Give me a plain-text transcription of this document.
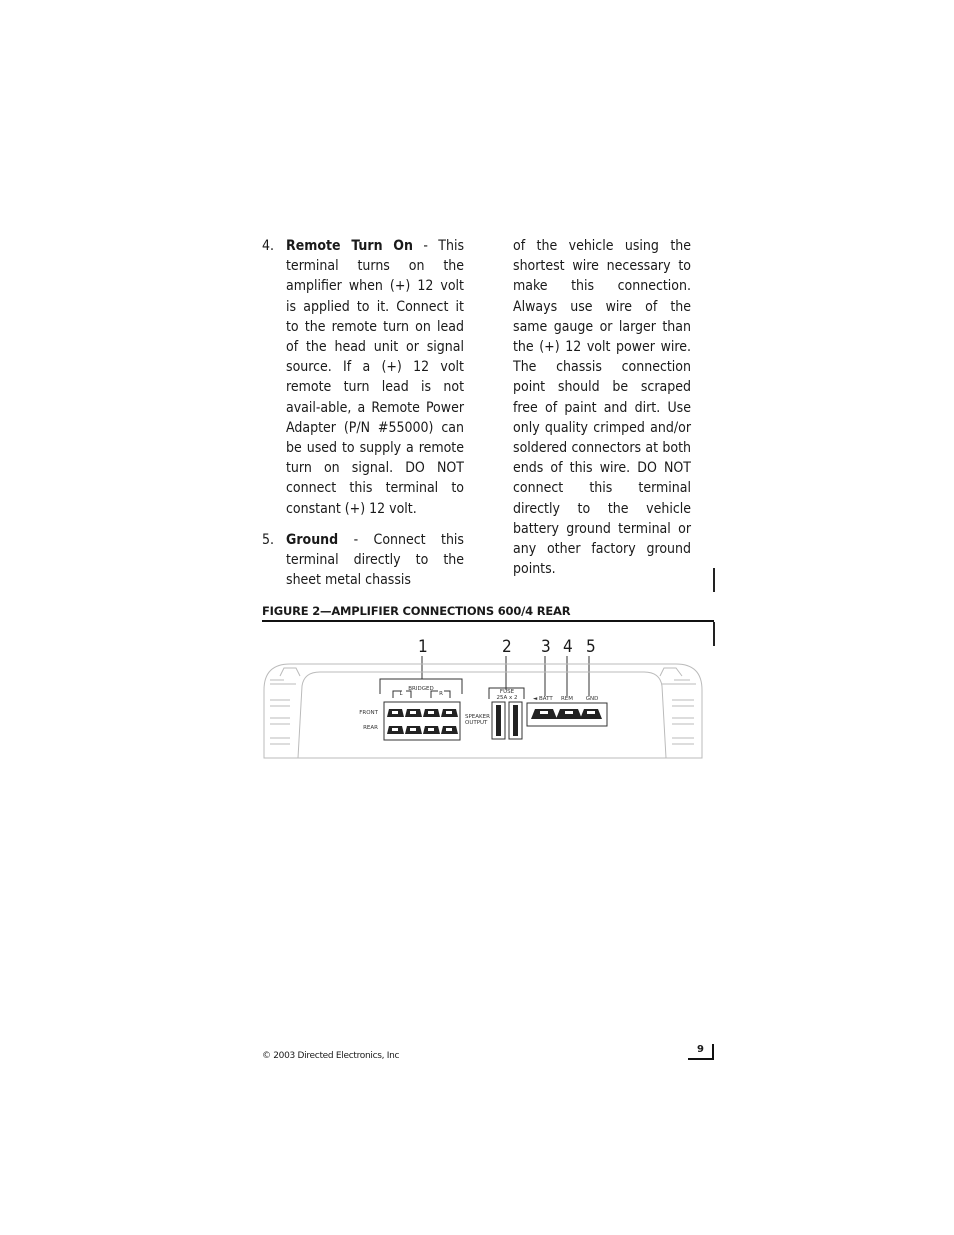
4. Remote Turn On - This terminal turns on the amplifier when (+) 12 volt is applied to it. Connect it to the remote turn on lead of the head unit or signal source. If a (+) 12 volt remote turn lead is not avail-able, a Remote Power Adapter (P/N #55000) can be used to supply a remote turn on signal. DO NOT connect this terminal to constant (+) 12 volt.
5. Ground - Connect this terminal directly to the sheet metal chassis
of the vehicle using the shortest wire necessary to make this connection. Always use wire of the same gauge or larger than the (+) 12 volt power wire. The chassis connection point should be scraped free of paint and dirt. Use only quality crimped and/or soldered connectors at both ends of this wire. DO NOT connect this terminal directly to the vehicle battery ground terminal or any other factory ground points.
FIGURE 2—AMPLIFIER CONNECTIONS 600/4 REAR
1	2 3 4 5
BRIDGED
L	R
FRONT
REAR
SPEAKER
OUTPUT
FUSE
25A x 2	◄ BATT REM GND
© 2003 Directed Electronics, Inc
9
